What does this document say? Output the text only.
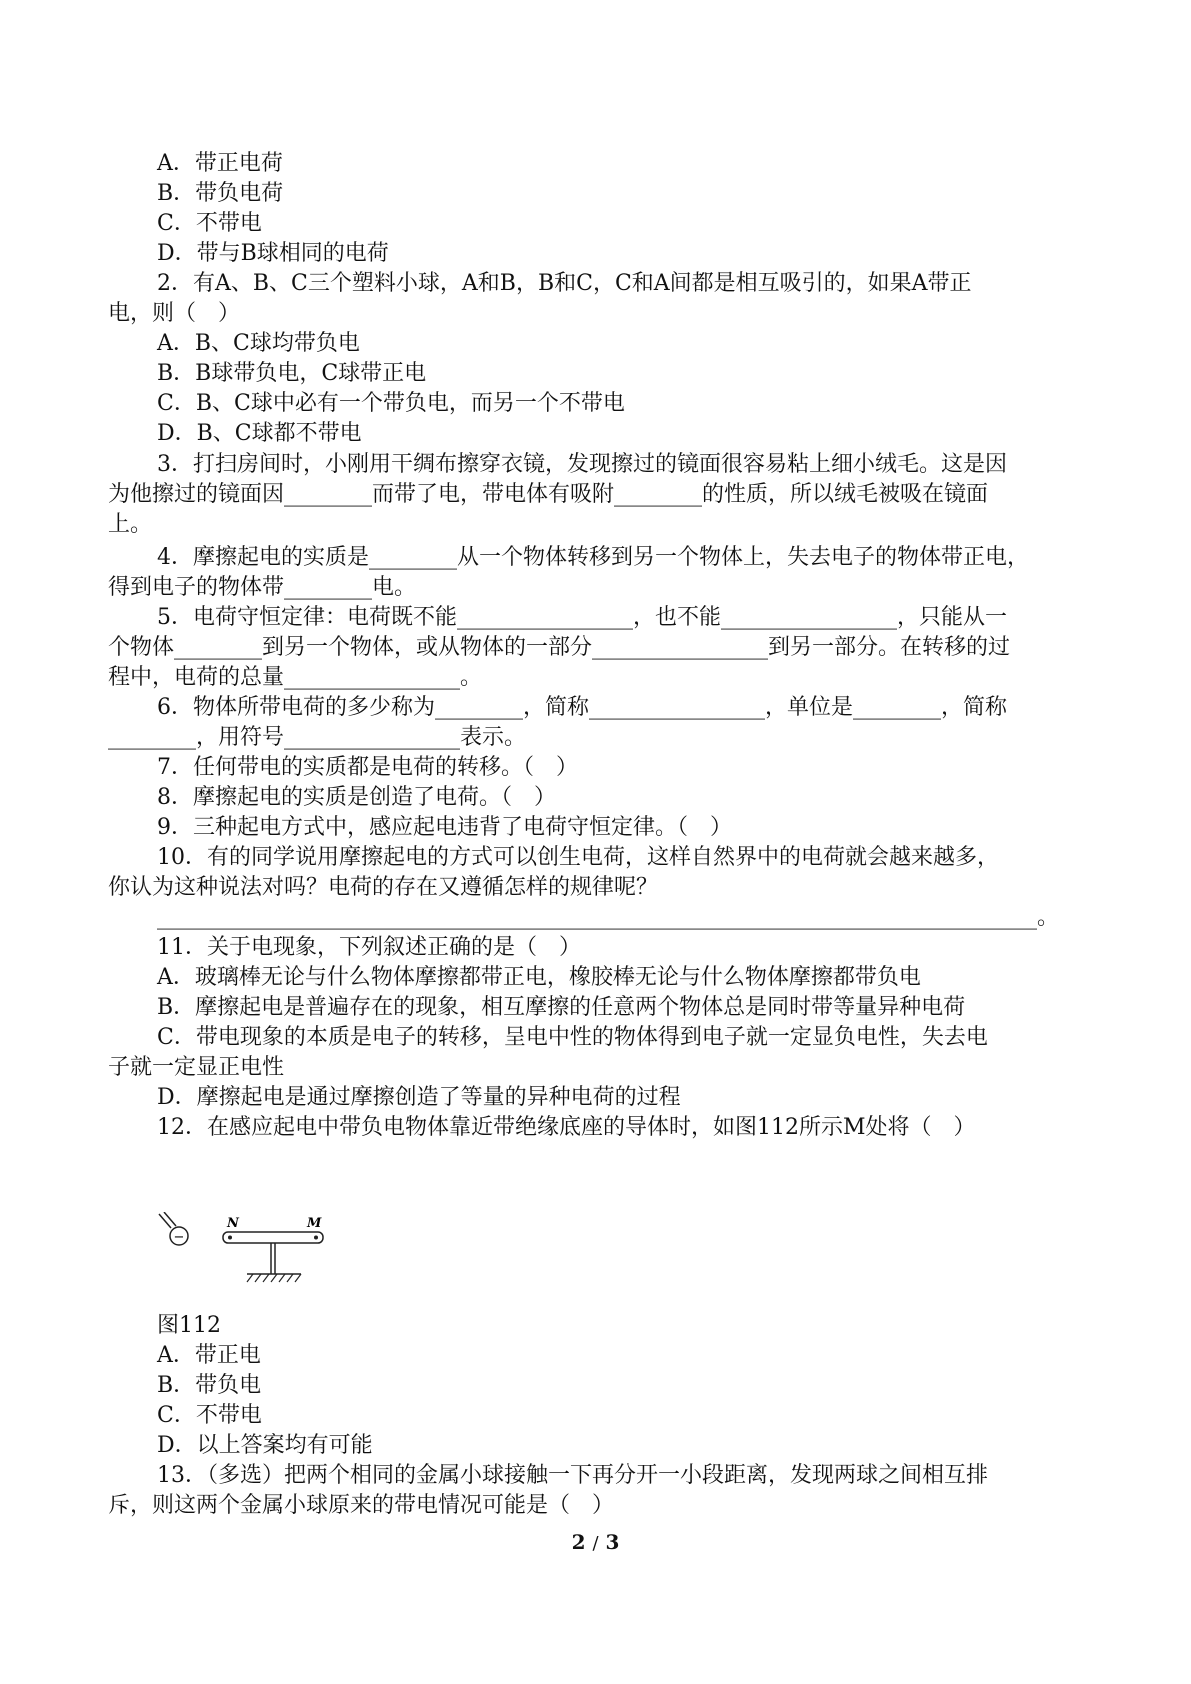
A．带正电荷
B．带负电荷
C．不带电
D．带与B球相同的电荷
2．有A、B、C三个塑料小球，A和B，B和C，C和A间都是相互吸引的，如果A带正
电，则（　）
A．B、C球均带负电
B．B球带负电，C球带正电
C．B、C球中必有一个带负电，而另一个不带电
D．B、C球都不带电
3．打扫房间时，小刚用干绸布擦穿衣镜，发现擦过的镜面很容易粘上细小绒毛。这是因
为他擦过的镜面因________而带了电，带电体有吸附________的性质，所以绒毛被吸在镜面
上。
4．摩擦起电的实质是________从一个物体转移到另一个物体上，失去电子的物体带正电，
得到电子的物体带________电。
5．电荷守恒定律：电荷既不能________________，也不能________________，只能从一
个物体________到另一个物体，或从物体的一部分________________到另一部分。在转移的过
程中，电荷的总量________________。
6．物体所带电荷的多少称为________，简称________________，单位是________，简称
________，用符号________________表示。
7．任何带电的实质都是电荷的转移。（　）
8．摩擦起电的实质是创造了电荷。（　）
9．三种起电方式中，感应起电违背了电荷守恒定律。（　）
10．有的同学说用摩擦起电的方式可以创生电荷，这样自然界中的电荷就会越来越多，
你认为这种说法对吗？电荷的存在又遵循怎样的规律呢？
________________________________________________________________________________。
11．关于电现象，下列叙述正确的是（　）
A．玻璃棒无论与什么物体摩擦都带正电，橡胶棒无论与什么物体摩擦都带负电
B．摩擦起电是普遍存在的现象，相互摩擦的任意两个物体总是同时带等量异种电荷
C．带电现象的本质是电子的转移，呈电中性的物体得到电子就一定显负电性，失去电
子就一定显正电性
D．摩擦起电是通过摩擦创造了等量的异种电荷的过程
12．在感应起电中带负电物体靠近带绝缘底座的导体时，如图112所示M处将（　）
−
N	M
图112
A．带正电
B．带负电
C．不带电
D．以上答案均有可能
13．（多选）把两个相同的金属小球接触一下再分开一小段距离，发现两球之间相互排
斥，则这两个金属小球原来的带电情况可能是（　）
2 / 3
